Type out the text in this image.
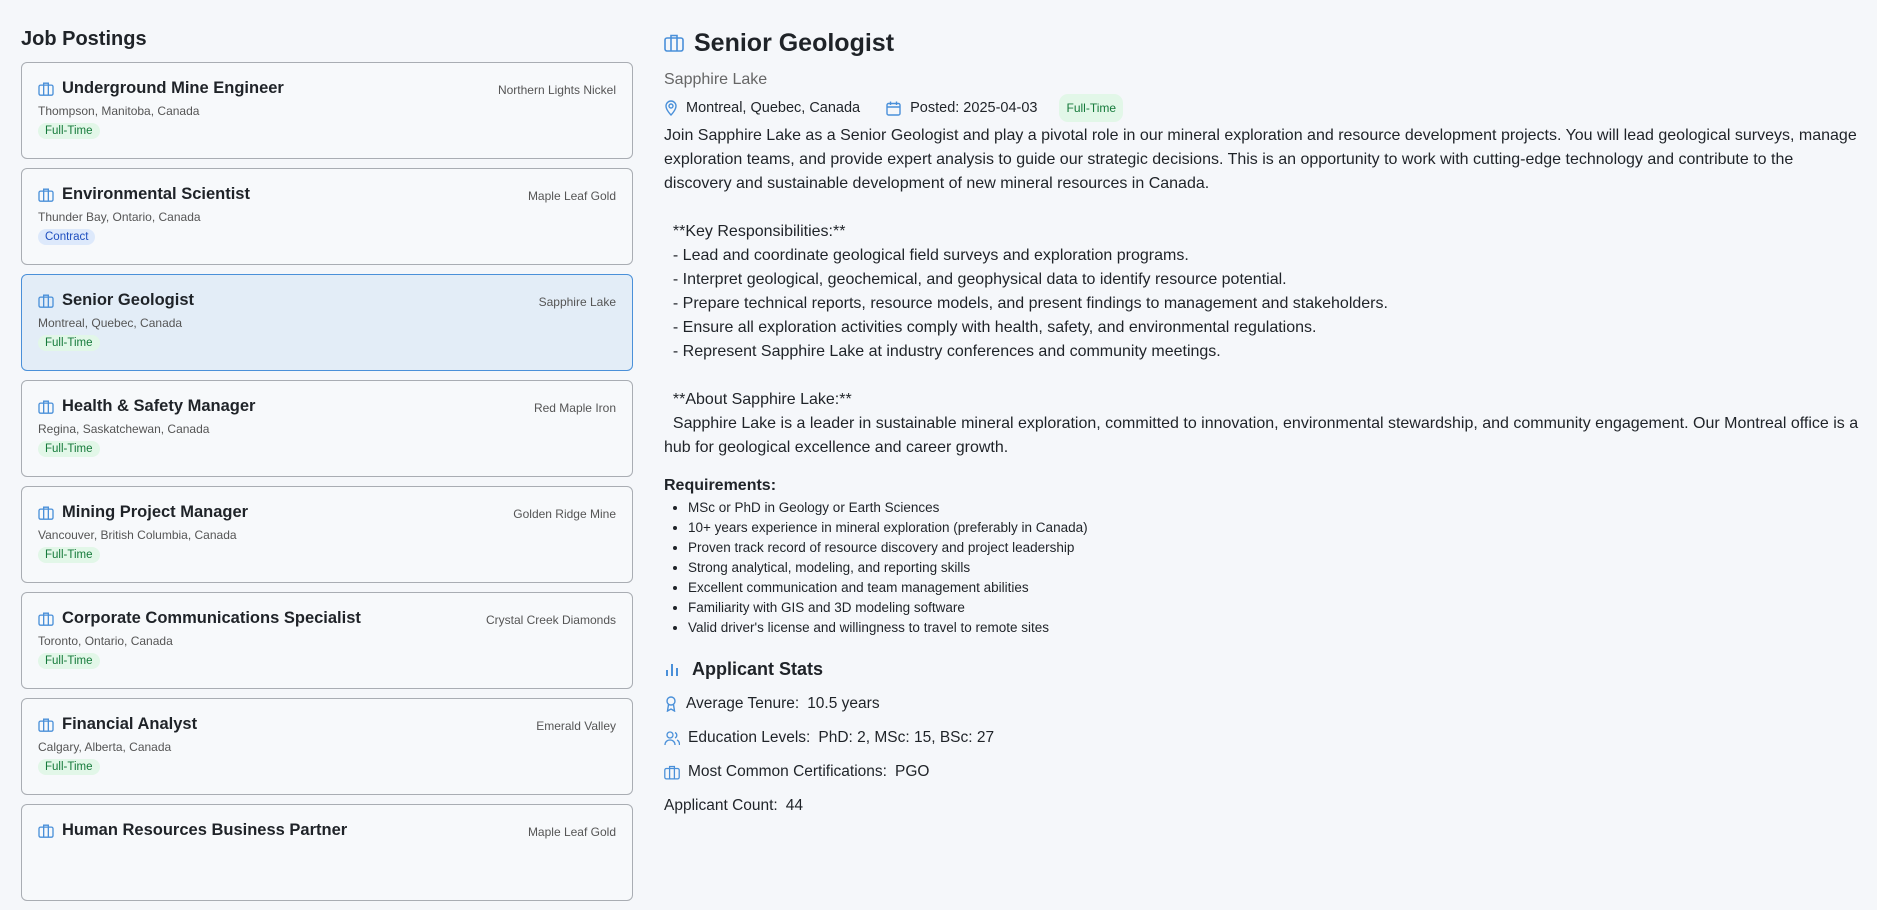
Job Postings
Underground Mine Engineer	Northern Lights Nickel
Thompson, Manitoba, Canada
Full-Time
Environmental Scientist	Maple Leaf Gold
Thunder Bay, Ontario, Canada
Contract
Senior Geologist	Sapphire Lake
Montreal, Quebec, Canada
Full-Time
Health & Safety Manager	Red Maple Iron
Regina, Saskatchewan, Canada
Full-Time
Mining Project Manager	Golden Ridge Mine
Vancouver, British Columbia, Canada
Full-Time
Corporate Communications Specialist	Crystal Creek Diamonds
Toronto, Ontario, Canada
Full-Time
Financial Analyst	Emerald Valley
Calgary, Alberta, Canada
Full-Time
Human Resources Business Partner	Maple Leaf Gold
Senior Geologist
Sapphire Lake
Montreal, Quebec, Canada	Posted: 2025-04-03	Full-Time
Join Sapphire Lake as a Senior Geologist and play a pivotal role in our mineral exploration and resource development projects. You will lead geological surveys, manage exploration teams, and provide expert analysis to guide our strategic decisions. This is an opportunity to work with cutting-edge technology and contribute to the discovery and sustainable development of new mineral resources in Canada.

**Key Responsibilities:**
- Lead and coordinate geological field surveys and exploration programs.
- Interpret geological, geochemical, and geophysical data to identify resource potential.
- Prepare technical reports, resource models, and present findings to management and stakeholders.
- Ensure all exploration activities comply with health, safety, and environmental regulations.
- Represent Sapphire Lake at industry conferences and community meetings.

**About Sapphire Lake:**
Sapphire Lake is a leader in sustainable mineral exploration, committed to innovation, environmental stewardship, and community engagement. Our Montreal office is a hub for geological excellence and career growth.
Requirements:
• MSc or PhD in Geology or Earth Sciences
• 10+ years experience in mineral exploration (preferably in Canada)
• Proven track record of resource discovery and project leadership
• Strong analytical, modeling, and reporting skills
• Excellent communication and team management abilities
• Familiarity with GIS and 3D modeling software
• Valid driver's license and willingness to travel to remote sites
Applicant Stats
Average Tenure: 10.5 years
Education Levels: PhD: 2, MSc: 15, BSc: 27
Most Common Certifications: PGO
Applicant Count: 44
